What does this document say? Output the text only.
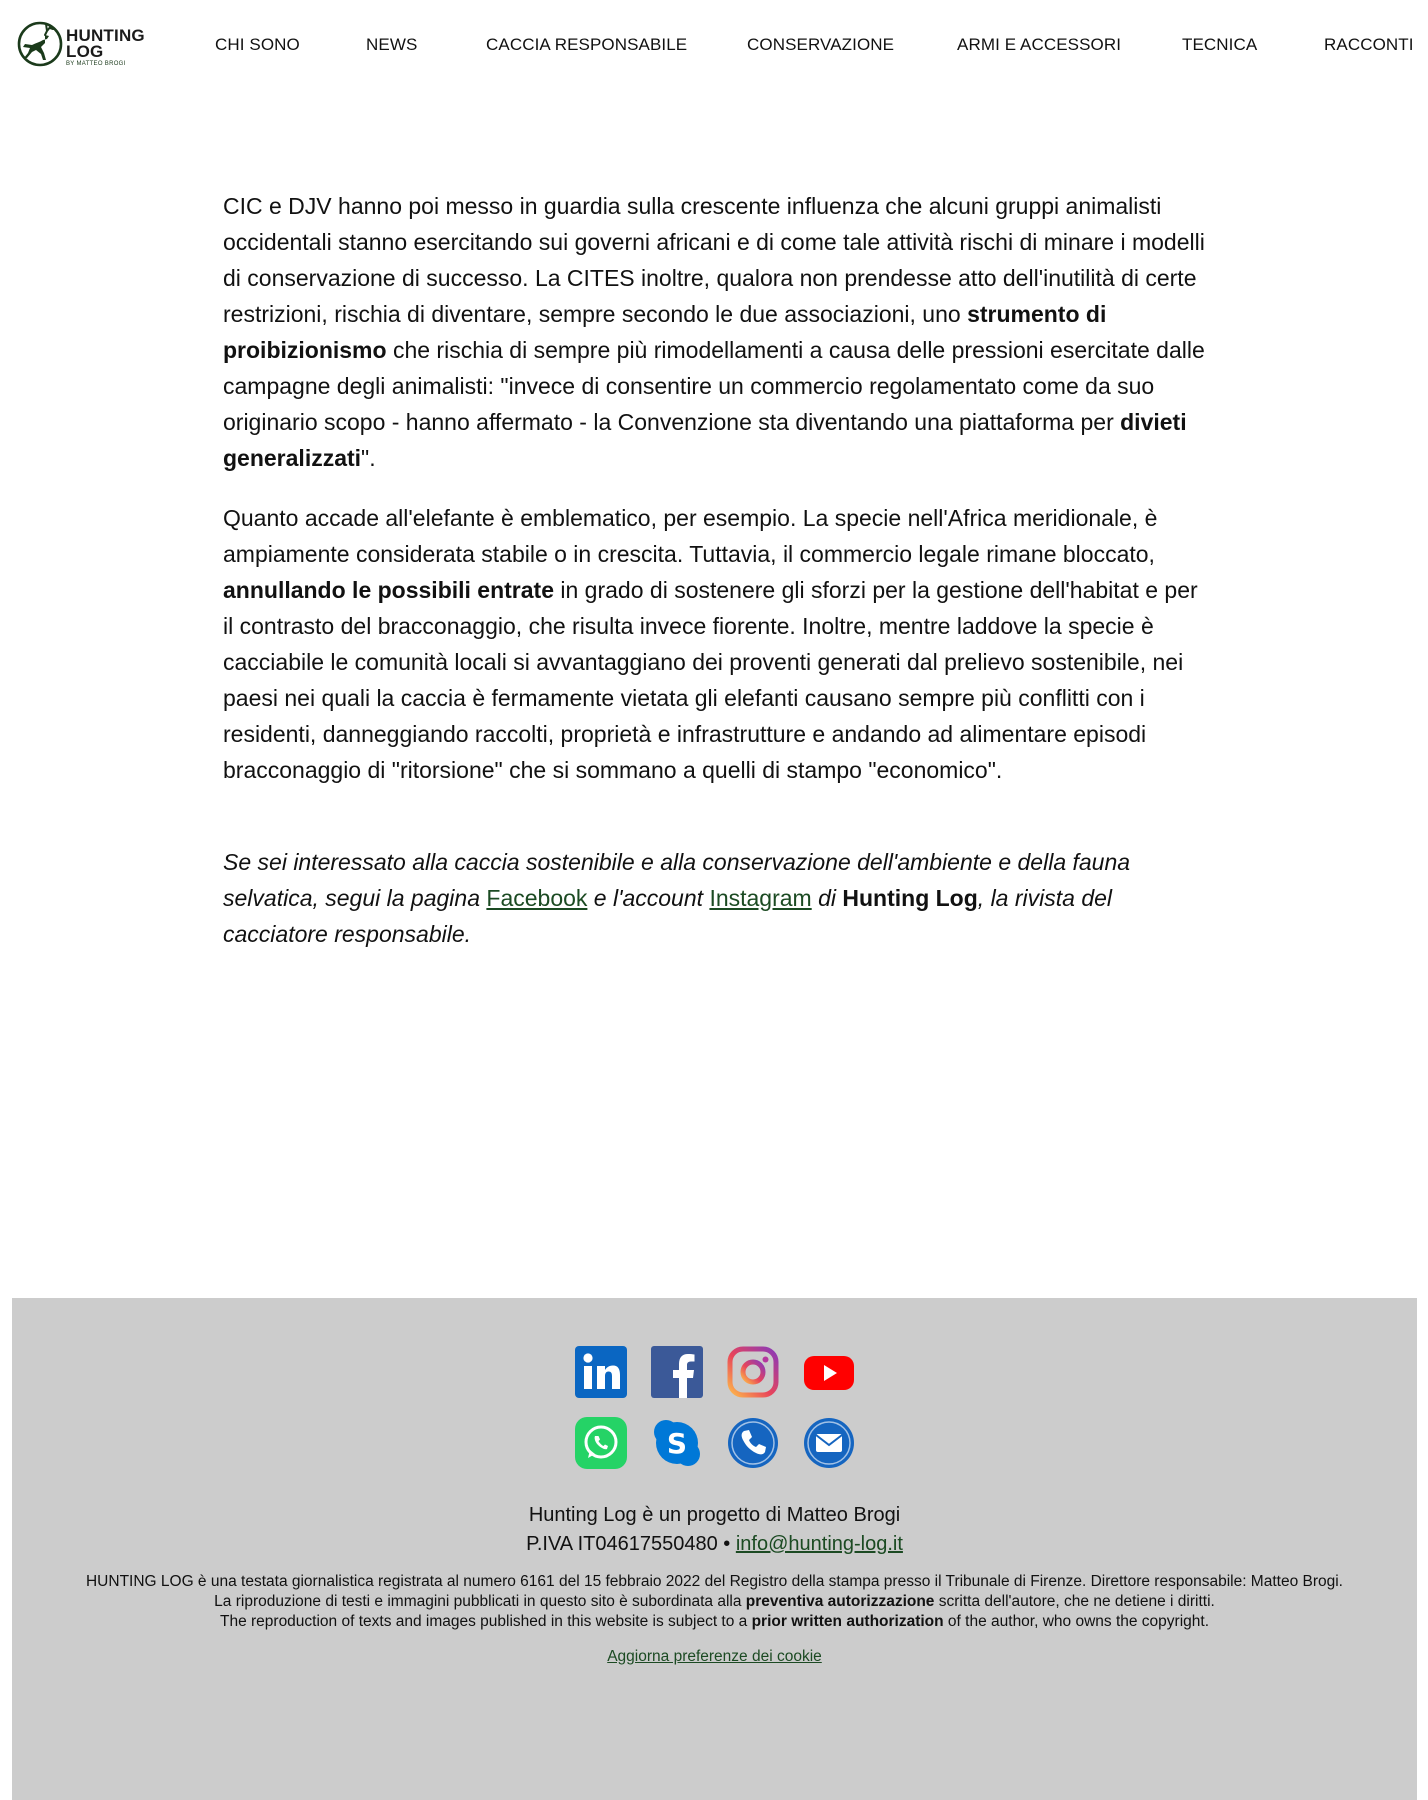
HUNTING
LOG
BY MATTEO BROGI
CHI SONO	NEWS	CACCIA RESPONSABILE	CONSERVAZIONE	ARMI E ACCESSORI	TECNICA	RACCONTI

CIC e DJV hanno poi messo in guardia sulla crescente influenza che alcuni gruppi animalisti occidentali stanno esercitando sui governi africani e di come tale attività rischi di minare i modelli di conservazione di successo. La CITES inoltre, qualora non prendesse atto dell'inutilità di certe restrizioni, rischia di diventare, sempre secondo le due associazioni, uno strumento di proibizionismo che rischia di sempre più rimodellamenti a causa delle pressioni esercitate dalle campagne degli animalisti: "invece di consentire un commercio regolamentato come da suo originario scopo - hanno affermato - la Convenzione sta diventando una piattaforma per divieti generalizzati".

Quanto accade all'elefante è emblematico, per esempio. La specie nell'Africa meridionale, è ampiamente considerata stabile o in crescita. Tuttavia, il commercio legale rimane bloccato, annullando le possibili entrate in grado di sostenere gli sforzi per la gestione dell'habitat e per il contrasto del bracconaggio, che risulta invece fiorente. Inoltre, mentre laddove la specie è cacciabile le comunità locali si avvantaggiano dei proventi generati dal prelievo sostenibile, nei paesi nei quali la caccia è fermamente vietata gli elefanti causano sempre più conflitti con i residenti, danneggiando raccolti, proprietà e infrastrutture e andando ad alimentare episodi bracconaggio di "ritorsione" che si sommano a quelli di stampo "economico".

Se sei interessato alla caccia sostenibile e alla conservazione dell'ambiente e della fauna selvatica, segui la pagina Facebook e l'account Instagram di Hunting Log, la rivista del cacciatore responsabile.

S
Hunting Log è un progetto di Matteo Brogi
P.IVA IT04617550480 • info@hunting-log.it
HUNTING LOG è una testata giornalistica registrata al numero 6161 del 15 febbraio 2022 del Registro della stampa presso il Tribunale di Firenze. Direttore responsabile: Matteo Brogi.
La riproduzione di testi e immagini pubblicati in questo sito è subordinata alla preventiva autorizzazione scritta dell'autore, che ne detiene i diritti.
The reproduction of texts and images published in this website is subject to a prior written authorization of the author, who owns the copyright.
Aggiorna preferenze dei cookie
